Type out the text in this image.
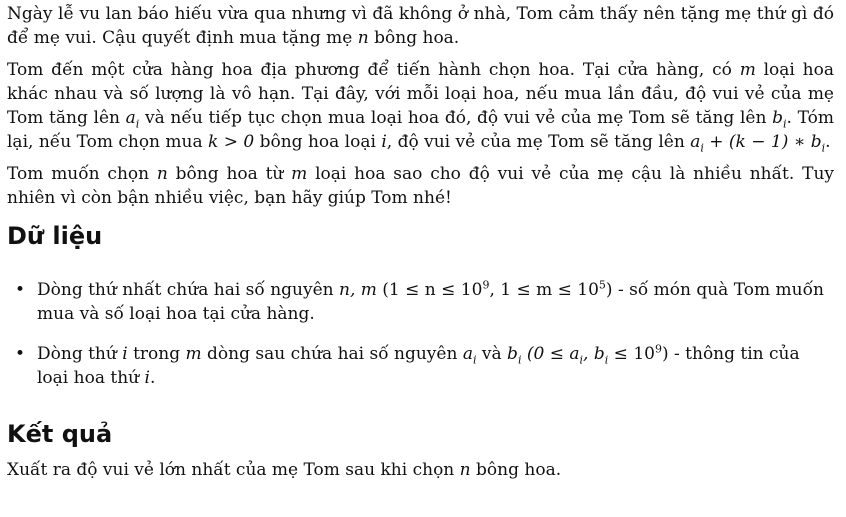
Ngày lễ vu lan báo hiếu vừa qua nhưng vì đã không ở nhà, Tom cảm thấy nên tặng mẹ thứ gì đó để mẹ vui. Cậu quyết định mua tặng mẹ n bông hoa.

Tom đến một cửa hàng hoa địa phương để tiến hành chọn hoa. Tại cửa hàng, có m loại hoa khác nhau và số lượng là vô hạn. Tại đây, với mỗi loại hoa, nếu mua lần đầu, độ vui vẻ của mẹ Tom tăng lên $a_i$ và nếu tiếp tục chọn mua loại hoa đó, độ vui vẻ của mẹ Tom sẽ tăng lên $b_i$. Tóm lại, nếu Tom chọn mua k > 0 bông hoa loại i, độ vui vẻ của mẹ Tom sẽ tăng lên $a_i + (k - 1)$ ∗ $b_i$.

Tom muốn chọn n bông hoa từ m loại hoa sao cho độ vui vẻ của mẹ cậu là nhiều nhất. Tuy nhiên vì còn bận nhiều việc, bạn hãy giúp Tom nhé!

Dữ liệu
• Dòng thứ nhất chứa hai số nguyên n, m ($1 \le n \le 10^9$, $1 \le m \le 10^5$) - số món quà Tom muốn mua và số loại hoa tại cửa hàng.
• Dòng thứ i trong m dòng sau chứa hai số nguyên $a_i$ và $b_i$ ($0 \le a_i$, $b_i \le 10^9$) - thông tin của loại hoa thứ i.
Kết quả

Xuất ra độ vui vẻ lớn nhất của mẹ Tom sau khi chọn n bông hoa.
